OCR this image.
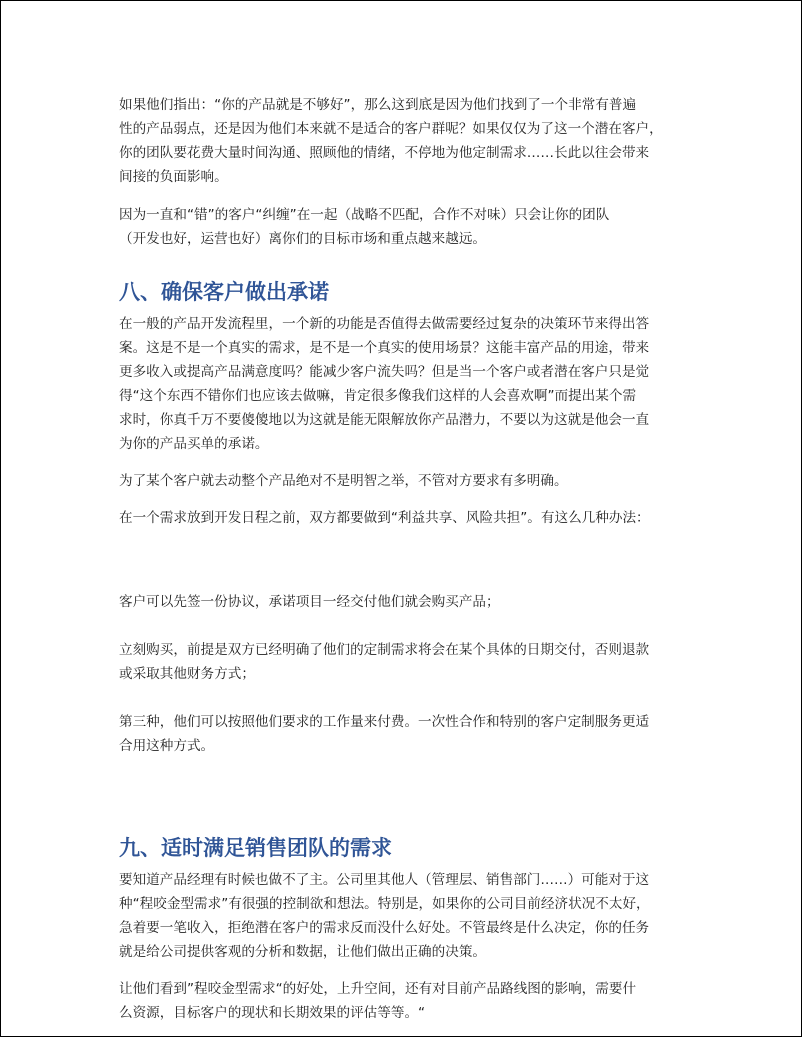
如果他们指出：“你的产品就是不够好”，那么这到底是因为他们找到了一个非常有普遍
性的产品弱点，还是因为他们本来就不是适合的客户群呢？如果仅仅为了这一个潜在客户，
你的团队要花费大量时间沟通、照顾他的情绪，不停地为他定制需求……长此以往会带来
间接的负面影响。

因为一直和“错”的客户“纠缠”在一起（战略不匹配，合作不对味）只会让你的团队
（开发也好，运营也好）离你们的目标市场和重点越来越远。

八、确保客户做出承诺

在一般的产品开发流程里，一个新的功能是否值得去做需要经过复杂的决策环节来得出答
案。这是不是一个真实的需求，是不是一个真实的使用场景？这能丰富产品的用途，带来
更多收入或提高产品满意度吗？能减少客户流失吗？但是当一个客户或者潜在客户只是觉
得“这个东西不错你们也应该去做嘛，肯定很多像我们这样的人会喜欢啊”而提出某个需
求时，你真千万不要傻傻地以为这就是能无限解放你产品潜力，不要以为这就是他会一直
为你的产品买单的承诺。

为了某个客户就去动整个产品绝对不是明智之举，不管对方要求有多明确。

在一个需求放到开发日程之前，双方都要做到“利益共享、风险共担”。有这么几种办法：

客户可以先签一份协议，承诺项目一经交付他们就会购买产品；

立刻购买，前提是双方已经明确了他们的定制需求将会在某个具体的日期交付，否则退款
或采取其他财务方式；

第三种，他们可以按照他们要求的工作量来付费。一次性合作和特别的客户定制服务更适
合用这种方式。

九、适时满足销售团队的需求

要知道产品经理有时候也做不了主。公司里其他人（管理层、销售部门……）可能对于这
种“程咬金型需求”有很强的控制欲和想法。特别是，如果你的公司目前经济状况不太好，
急着要一笔收入，拒绝潜在客户的需求反而没什么好处。不管最终是什么决定，你的任务
就是给公司提供客观的分析和数据，让他们做出正确的决策。

让他们看到”程咬金型需求“的好处，上升空间，还有对目前产品路线图的影响，需要什
么资源，目标客户的现状和长期效果的评估等等。“
